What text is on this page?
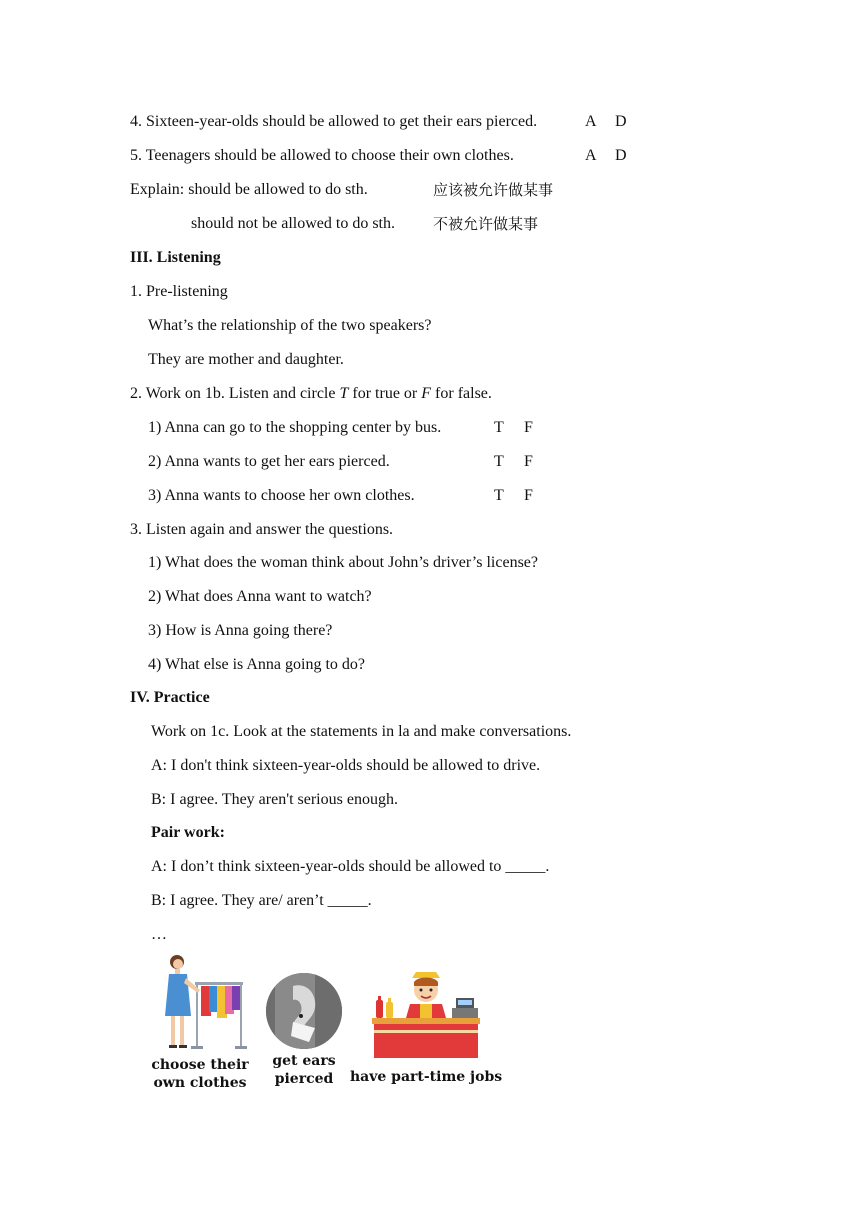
4. Sixteen-year-olds should be allowed to get their ears pierced.	A D
5. Teenagers should be allowed to choose their own clothes.	A D
Explain: should be allowed to do sth.	应该被允许做某事
should not be allowed to do sth.	不被允许做某事
III. Listening
1. Pre-listening
What’s the relationship of the two speakers?
They are mother and daughter.
2. Work on 1b. Listen and circle T for true or F for false.
1) Anna can go to the shopping center by bus.	T F
2) Anna wants to get her ears pierced.	T F
3) Anna wants to choose her own clothes.	T F
3. Listen again and answer the questions.
1) What does the woman think about John’s driver’s license?
2) What does Anna want to watch?
3) How is Anna going there?
4) What else is Anna going to do?
IV. Practice
Work on 1c. Look at the statements in la and make conversations.
A: I don't think sixteen-year-olds should be allowed to drive.
B: I agree. They aren't serious enough.
Pair work:
A: I don’t think sixteen-year-olds should be allowed to _____.
B: I agree. They are/ aren’t _____.
…
choose their
own clothes
get ears
pierced	have part-time jobs
